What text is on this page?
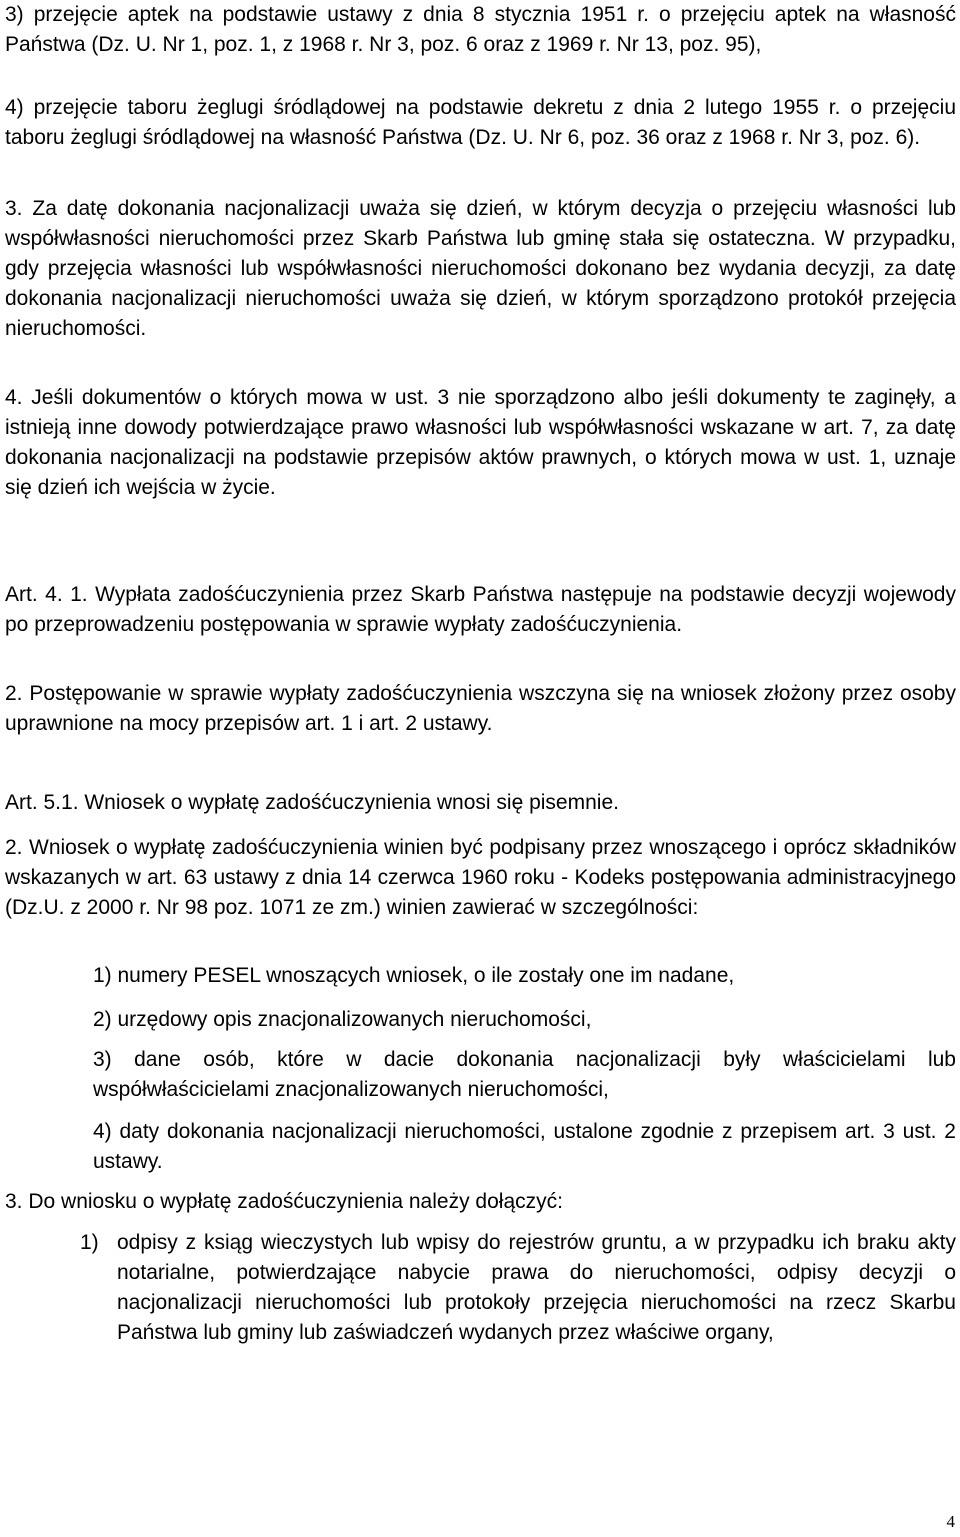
3) przejęcie aptek na podstawie ustawy z dnia 8 stycznia 1951 r. o przejęciu aptek na własność Państwa (Dz. U. Nr 1, poz. 1, z 1968 r. Nr 3, poz. 6 oraz z 1969 r. Nr 13, poz. 95),

4) przejęcie taboru żeglugi śródlądowej na podstawie dekretu z dnia 2 lutego 1955 r. o przejęciu taboru żeglugi śródlądowej na własność Państwa (Dz. U. Nr 6, poz. 36 oraz z 1968 r. Nr 3, poz. 6).

3. Za datę dokonania nacjonalizacji uważa się dzień, w którym decyzja o przejęciu własności lub współwłasności nieruchomości przez Skarb Państwa lub gminę stała się ostateczna. W przypadku, gdy przejęcia własności lub współwłasności nieruchomości dokonano bez wydania decyzji, za datę dokonania nacjonalizacji nieruchomości uważa się dzień, w którym sporządzono protokół przejęcia nieruchomości.

4. Jeśli dokumentów o których mowa w ust. 3 nie sporządzono albo jeśli dokumenty te zaginęły, a istnieją inne dowody potwierdzające prawo własności lub współwłasności wskazane w art. 7, za datę dokonania nacjonalizacji na podstawie przepisów aktów prawnych, o których mowa w ust. 1, uznaje się dzień ich wejścia w życie.

Art. 4. 1. Wypłata zadośćuczynienia przez Skarb Państwa następuje na podstawie decyzji wojewody po przeprowadzeniu postępowania w sprawie wypłaty zadośćuczynienia.

2. Postępowanie w sprawie wypłaty zadośćuczynienia wszczyna się na wniosek złożony przez osoby uprawnione na mocy przepisów art. 1 i art. 2 ustawy.

Art. 5.1. Wniosek o wypłatę zadośćuczynienia wnosi się pisemnie.

2. Wniosek o wypłatę zadośćuczynienia winien być podpisany przez wnoszącego i oprócz składników wskazanych w art. 63 ustawy z dnia 14 czerwca 1960 roku - Kodeks postępowania administracyjnego (Dz.U. z 2000 r. Nr 98 poz. 1071 ze zm.) winien zawierać w szczególności:

1) numery PESEL wnoszących wniosek, o ile zostały one im nadane,

2) urzędowy opis znacjonalizowanych nieruchomości,

3) dane osób, które w dacie dokonania nacjonalizacji były właścicielami lub współwłaścicielami znacjonalizowanych nieruchomości,

4) daty dokonania nacjonalizacji nieruchomości, ustalone zgodnie z przepisem art. 3 ust. 2 ustawy.

3. Do wniosku o wypłatę zadośćuczynienia należy dołączyć:

1) odpisy z ksiąg wieczystych lub wpisy do rejestrów gruntu, a w przypadku ich braku akty notarialne, potwierdzające nabycie prawa do nieruchomości, odpisy decyzji o nacjonalizacji nieruchomości lub protokoły przejęcia nieruchomości na rzecz Skarbu Państwa lub gminy lub zaświadczeń wydanych przez właściwe organy,

4
